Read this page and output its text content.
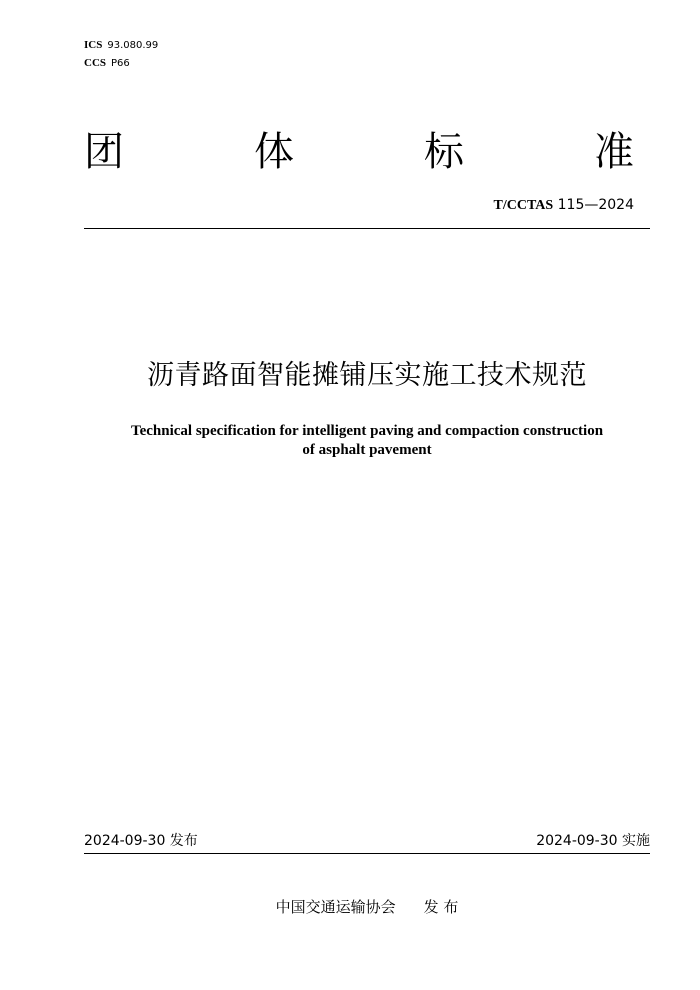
ICS 93.080.99
CCS P66
团	体	标	准
T/CCTAS 115—2024
沥青路面智能摊铺压实施工技术规范
Technical specification for intelligent paving and compaction construction
of asphalt pavement
2024-09-30 发布	2024-09-30 实施
中国交通运输协会 发 布
